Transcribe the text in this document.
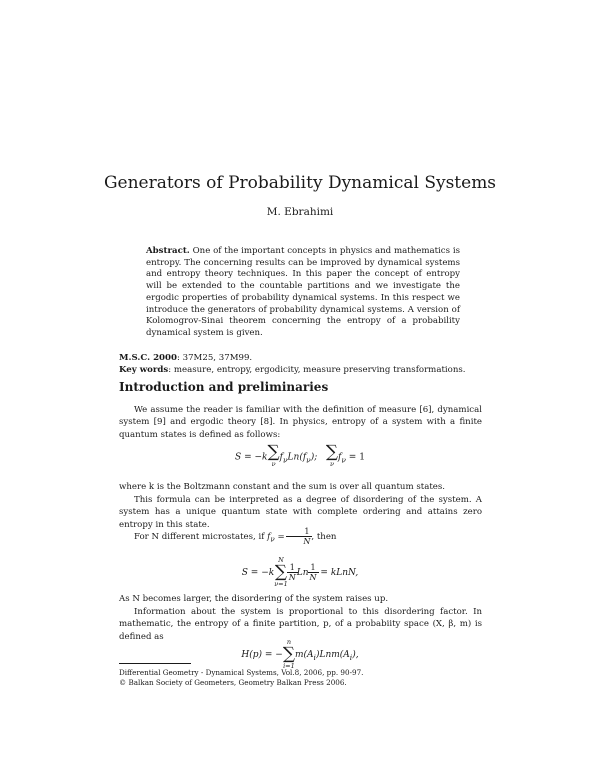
Generators of Probability Dynamical Systems
M. Ebrahimi
Abstract. One of the important concepts in physics and mathematics is entropy. The concerning results can be improved by dynamical systems and entropy theory techniques. In this paper the concept of entropy will be extended to the countable partitions and we investigate the ergodic properties of probability dynamical systems. In this respect we introduce the generators of probability dynamical systems. A version of Kolomogrov-Sinai theorem concerning the entropy of a probability dynamical system is given.
M.S.C. 2000: 37M25, 37M99.
Key words: measure, entropy, ergodicity, measure preserving transformations.
Introduction and preliminaries

We assume the reader is familiar with the definition of measure [6], dynamical system [9] and ergodic theory [8]. In physics, entropy of a system with a finite quantum states is defined as follows:

S = −k ∑
ν
$f_\nu Ln(f_\nu)$; ∑
ν
$f_\nu = 1$

where k is the Boltzmann constant and the sum is over all quantum states.

This formula can be interpreted as a degree of disordering of the system. A system has a unique quantum state with complete ordering and attains zero entropy in this state.

For N different microstates, if $f_\nu = \frac{1}{N}$ , then
S = −k
N
∑
ν=1
$\frac{1}{N}$ Ln $\frac{1}{N}$ = kLnN,

As N becomes larger, the disordering of the system raises up.

Information about the system is proportional to this disordering factor. In mathematic, the entropy of a finite partition, p, of a probabiity space (X, β, m) is defined as

H(p) = −
n
∑
i=1
$m(A_i)Lnm(A_i)$,
Differential Geometry - Dynamical Systems, Vol.8, 2006, pp. 90-97.
© Balkan Society of Geometers, Geometry Balkan Press 2006.
